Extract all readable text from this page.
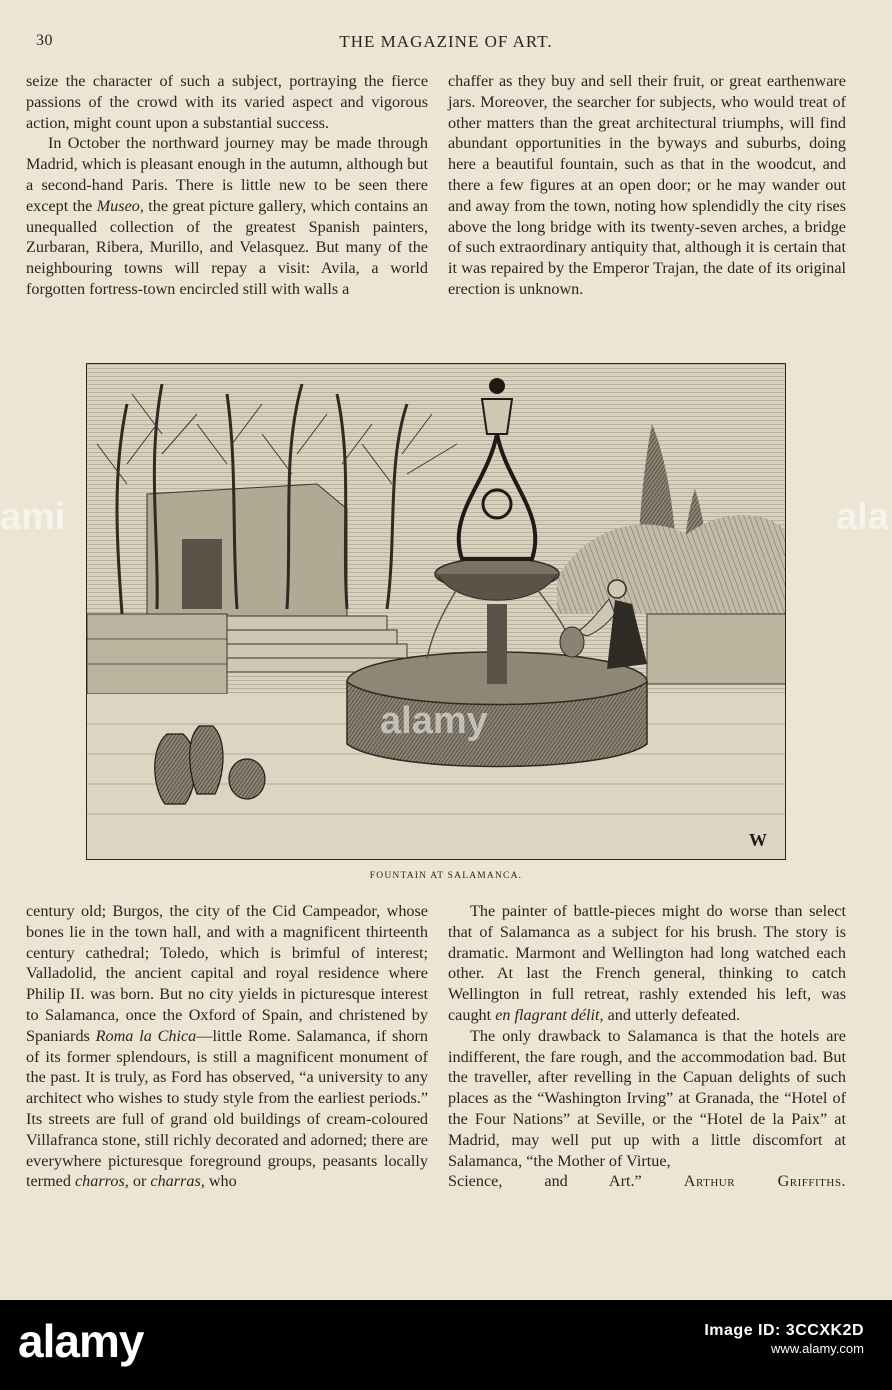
30	THE MAGAZINE OF ART.

seize the character of such a subject, portraying the fierce passions of the crowd with its varied aspect and vigorous action, might count upon a substantial success.

In October the northward journey may be made through Madrid, which is pleasant enough in the autumn, although but a second-hand Paris. There is little new to be seen there except the Museo, the great picture gallery, which contains an unequalled collection of the greatest Spanish painters, Zurbaran, Ribera, Murillo, and Velasquez. But many of the neighbouring towns will repay a visit: Avila, a world forgotten fortress-town encircled still with walls a

chaffer as they buy and sell their fruit, or great earthenware jars. Moreover, the searcher for subjects, who would treat of other matters than the great architectural triumphs, will find abundant opportunities in the byways and suburbs, doing here a beautiful fountain, such as that in the woodcut, and there a few figures at an open door; or he may wander out and away from the town, noting how splendidly the city rises above the long bridge with its twenty-seven arches, a bridge of such extraordinary antiquity that, although it is certain that it was repaired by the Emperor Trajan, the date of its original erection is unknown.

W
FOUNTAIN AT SALAMANCA.

century old; Burgos, the city of the Cid Campeador, whose bones lie in the town hall, and with a magnificent thirteenth century cathedral; Toledo, which is brimful of interest; Valladolid, the ancient capital and royal residence where Philip II. was born. But no city yields in picturesque interest to Salamanca, once the Oxford of Spain, and christened by Spaniards Roma la Chica—little Rome. Salamanca, if shorn of its former splendours, is still a magnificent monument of the past. It is truly, as Ford has observed, “a university to any architect who wishes to study style from the earliest periods.” Its streets are full of grand old buildings of cream-coloured Villafranca stone, still richly decorated and adorned; there are everywhere picturesque foreground groups, peasants locally termed charros, or charras, who

The painter of battle-pieces might do worse than select that of Salamanca as a subject for his brush. The story is dramatic. Marmont and Wellington had long watched each other. At last the French general, thinking to catch Wellington in full retreat, rashly extended his left, was caught en flagrant délit, and utterly defeated.

The only drawback to Salamanca is that the hotels are indifferent, the fare rough, and the accommodation bad. But the traveller, after revelling in the Capuan delights of such places as the “Washington Irving” at Granada, the “Hotel of the Four Nations” at Seville, or the “Hotel de la Paix” at Madrid, may well put up with a little discomfort at Salamanca, “the Mother of Virtue,

Science, and Art.”	Arthur Griffiths.

ami
alamy
ala
alamy	Image ID: 3CCXK2D
www.alamy.com
